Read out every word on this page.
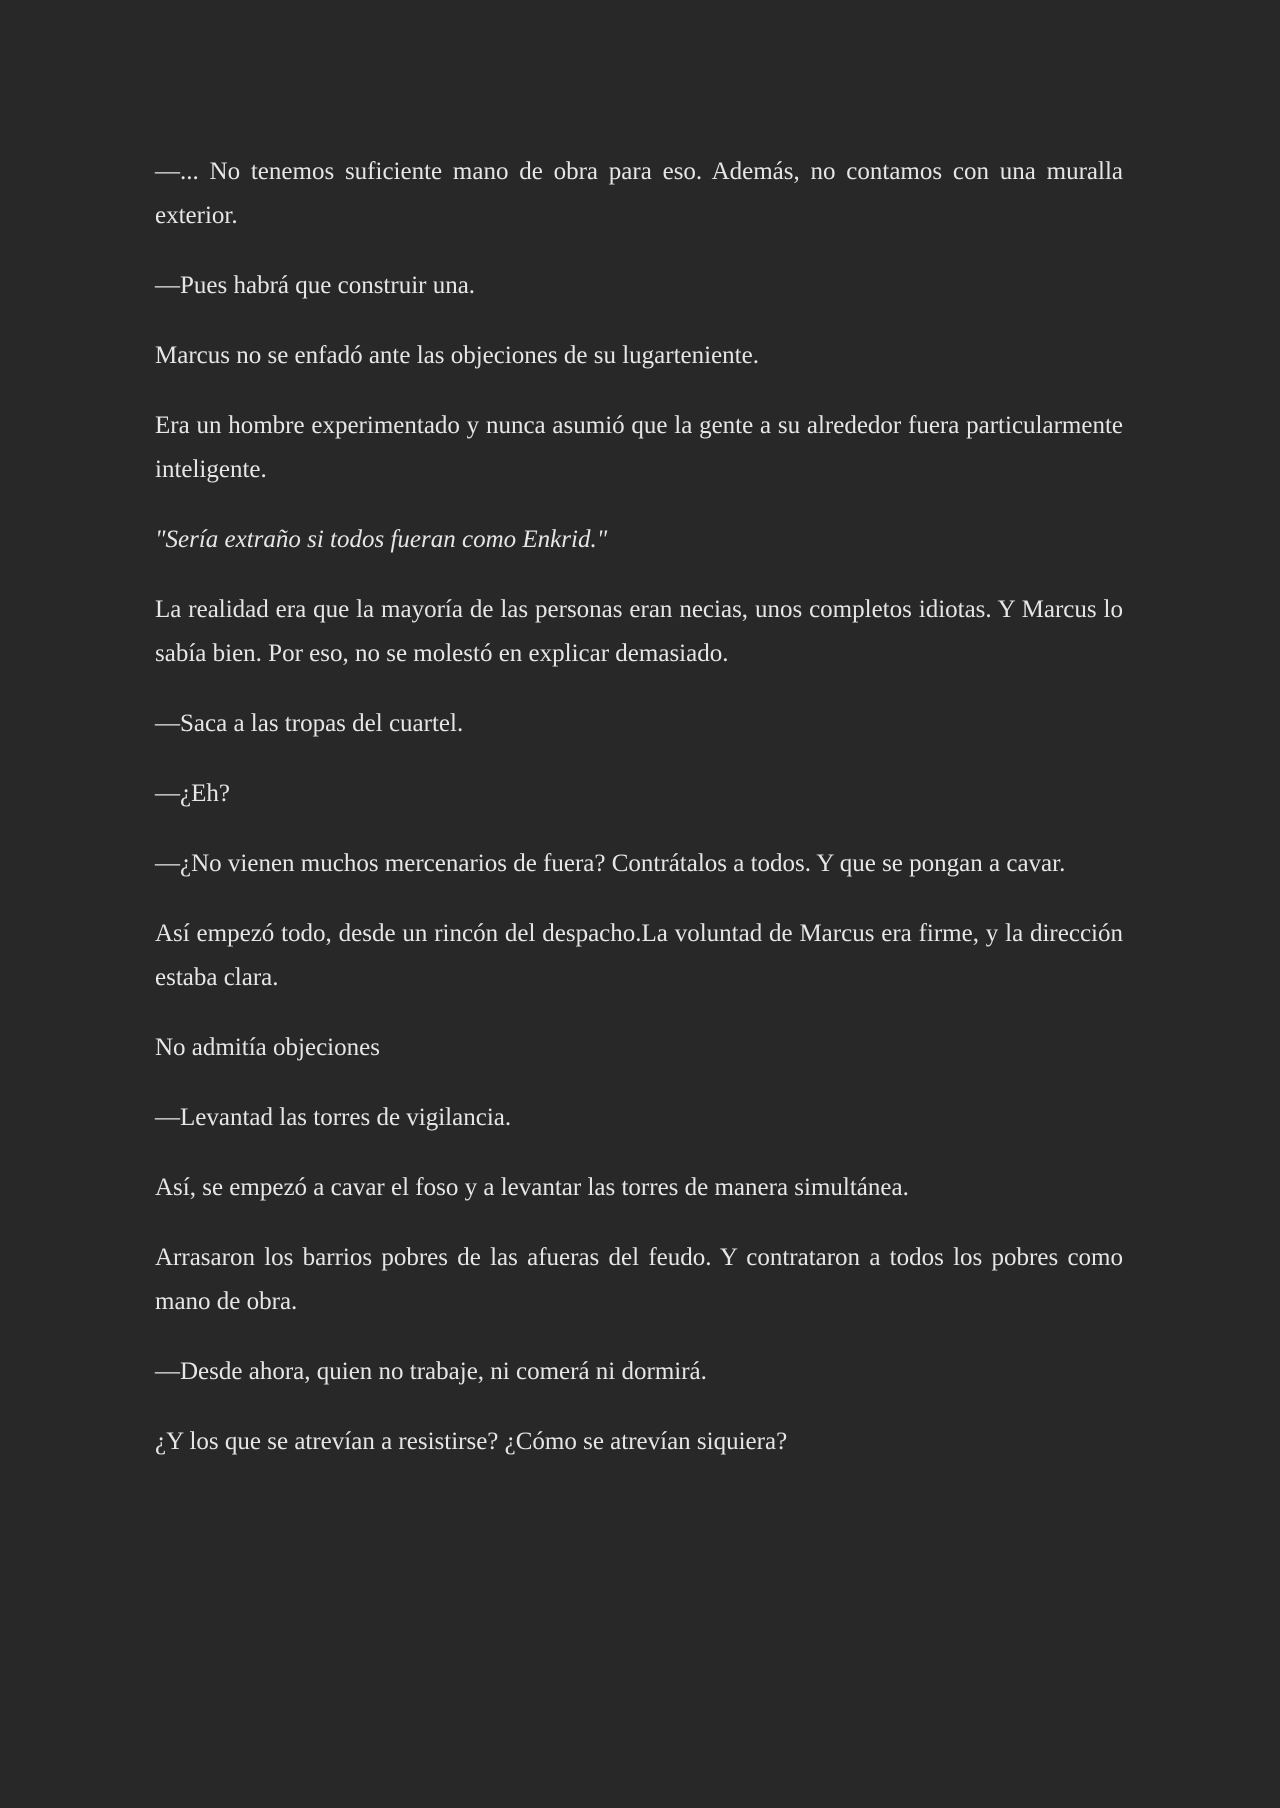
—... No tenemos suficiente mano de obra para eso. Además, no contamos con una muralla exterior.

—Pues habrá que construir una.

Marcus no se enfadó ante las objeciones de su lugarteniente.

Era un hombre experimentado y nunca asumió que la gente a su alrededor fuera particularmente inteligente.

"Sería extraño si todos fueran como Enkrid."

La realidad era que la mayoría de las personas eran necias, unos completos idiotas. Y Marcus lo sabía bien. Por eso, no se molestó en explicar demasiado.

—Saca a las tropas del cuartel.

—¿Eh?

—¿No vienen muchos mercenarios de fuera? Contrátalos a todos. Y que se pongan a cavar.

Así empezó todo, desde un rincón del despacho.La voluntad de Marcus era firme, y la dirección estaba clara.

No admitía objeciones

—Levantad las torres de vigilancia.

Así, se empezó a cavar el foso y a levantar las torres de manera simultánea.

Arrasaron los barrios pobres de las afueras del feudo. Y contrataron a todos los pobres como mano de obra.

—Desde ahora, quien no trabaje, ni comerá ni dormirá.

¿Y los que se atrevían a resistirse? ¿Cómo se atrevían siquiera?
